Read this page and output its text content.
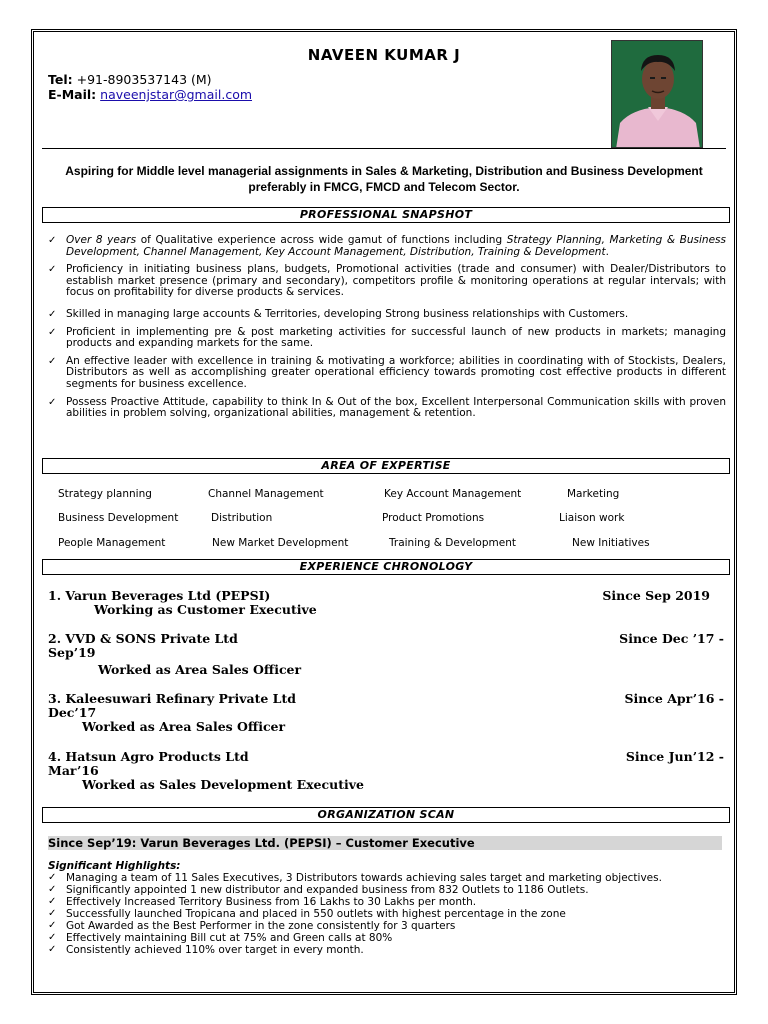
NAVEEN KUMAR J
Tel: +91-8903537143 (M)
E-Mail: naveenjstar@gmail.com
Aspiring for Middle level managerial assignments in Sales & Marketing, Distribution and Business Development preferably in FMCG, FMCD and Telecom Sector.
PROFESSIONAL SNAPSHOT
✓ Over 8 years of Qualitative experience across wide gamut of functions including Strategy Planning, Marketing & Business Development, Channel Management, Key Account Management, Distribution, Training & Development.
✓ Proficiency in initiating business plans, budgets, Promotional activities (trade and consumer) with Dealer/Distributors to establish market presence (primary and secondary), competitors profile & monitoring operations at regular intervals; with focus on profitability for diverse products & services.
✓ Skilled in managing large accounts & Territories, developing Strong business relationships with Customers.
✓ Proficient in implementing pre & post marketing activities for successful launch of new products in markets; managing products and expanding markets for the same.
✓ An effective leader with excellence in training & motivating a workforce; abilities in coordinating with of Stockists, Dealers, Distributors as well as accomplishing greater operational efficiency towards promoting cost effective products in different segments for business excellence.
✓ Possess Proactive Attitude, capability to think In & Out of the box, Excellent Interpersonal Communication skills with proven abilities in problem solving, organizational abilities, management & retention.
AREA OF EXPERTISE
Strategy planning	Channel Management	Key Account Management	Marketing
Business Development	Distribution	Product Promotions	Liaison work
People Management	New Market Development	Training & Development	New Initiatives
EXPERIENCE CHRONOLOGY
1. Varun Beverages Ltd (PEPSI)	Since Sep 2019
Working as Customer Executive
2. VVD & SONS Private Ltd	Since Dec ’17 -
Sep’19
Worked as Area Sales Officer
3. Kaleesuwari Refinary Private Ltd	Since Apr’16 -
Dec’17
Worked as Area Sales Officer
4. Hatsun Agro Products Ltd	Since Jun’12 -
Mar’16
Worked as Sales Development Executive
ORGANIZATION SCAN
Since Sep’19: Varun Beverages Ltd. (PEPSI) – Customer Executive
Significant Highlights:
✓ Managing a team of 11 Sales Executives, 3 Distributors towards achieving sales target and marketing objectives.
✓ Significantly appointed 1 new distributor and expanded business from 832 Outlets to 1186 Outlets.
✓ Effectively Increased Territory Business from 16 Lakhs to 30 Lakhs per month.
✓ Successfully launched Tropicana and placed in 550 outlets with highest percentage in the zone
✓ Got Awarded as the Best Performer in the zone consistently for 3 quarters
✓ Effectively maintaining Bill cut at 75% and Green calls at 80%
✓ Consistently achieved 110% over target in every month.
